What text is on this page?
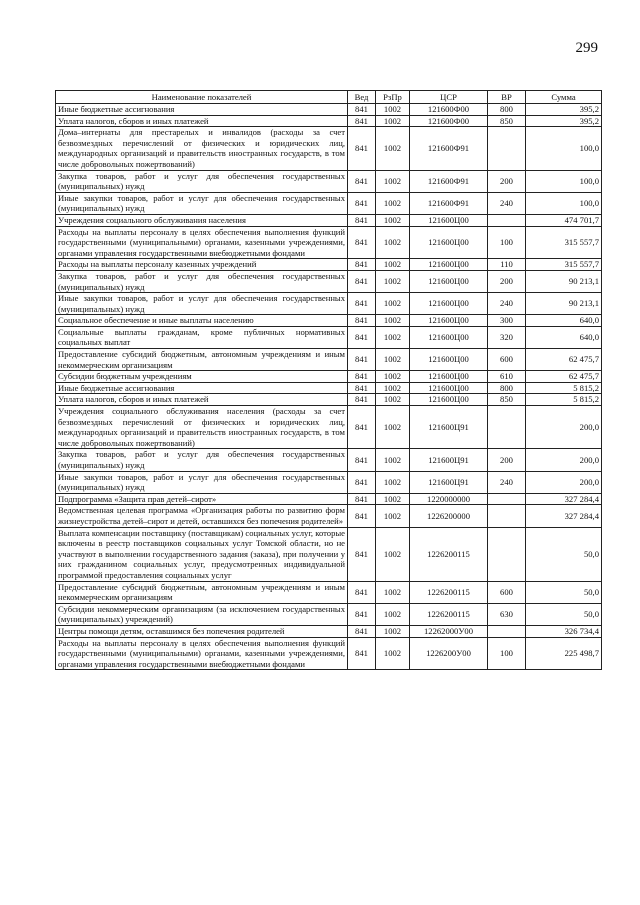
299
Наименование показателей	Вед	РзПр	ЦСР	ВР	Сумма
Иные бюджетные ассигнования	841	1002	121600Ф00	800	395,2
Уплата налогов, сборов и иных платежей	841	1002	121600Ф00	850	395,2
Дома–интернаты для престарелых и инвалидов (расходы за счет безвозмездных перечислений от физических и юридических лиц, международных организаций и правительств иностранных государств, в том числе добровольных пожертвований)	841	1002	121600Ф91		100,0
Закупка товаров, работ и услуг для обеспечения государственных (муниципальных) нужд	841	1002	121600Ф91	200	100,0
Иные закупки товаров, работ и услуг для обеспечения государственных (муниципальных) нужд	841	1002	121600Ф91	240	100,0
Учреждения социального обслуживания населения	841	1002	121600Ц00		474 701,7
Расходы на выплаты персоналу в целях обеспечения выполнения функций государственными (муниципальными) органами, казенными учреждениями, органами управления государственными внебюджетными фондами	841	1002	121600Ц00	100	315 557,7
Расходы на выплаты персоналу казенных учреждений	841	1002	121600Ц00	110	315 557,7
Закупка товаров, работ и услуг для обеспечения государственных (муниципальных) нужд	841	1002	121600Ц00	200	90 213,1
Иные закупки товаров, работ и услуг для обеспечения государственных (муниципальных) нужд	841	1002	121600Ц00	240	90 213,1
Социальное обеспечение и иные выплаты населению	841	1002	121600Ц00	300	640,0
Социальные выплаты гражданам, кроме публичных нормативных социальных выплат	841	1002	121600Ц00	320	640,0
Предоставление субсидий бюджетным, автономным учреждениям и иным некоммерческим организациям	841	1002	121600Ц00	600	62 475,7
Субсидии бюджетным учреждениям	841	1002	121600Ц00	610	62 475,7
Иные бюджетные ассигнования	841	1002	121600Ц00	800	5 815,2
Уплата налогов, сборов и иных платежей	841	1002	121600Ц00	850	5 815,2
Учреждения социального обслуживания населения (расходы за счет безвозмездных перечислений от физических и юридических лиц, международных организаций и правительств иностранных государств, в том числе добровольных пожертвований)	841	1002	121600Ц91		200,0
Закупка товаров, работ и услуг для обеспечения государственных (муниципальных) нужд	841	1002	121600Ц91	200	200,0
Иные закупки товаров, работ и услуг для обеспечения государственных (муниципальных) нужд	841	1002	121600Ц91	240	200,0
Подпрограмма «Защита прав детей–сирот»	841	1002	1220000000		327 284,4
Ведомственная целевая программа «Организация работы по развитию форм жизнеустройства детей–сирот и детей, оставшихся без попечения родителей»	841	1002	1226200000		327 284,4
Выплата компенсации поставщику (поставщикам) социальных услуг, которые включены в реестр поставщиков социальных услуг Томской области, но не участвуют в выполнении государственного задания (заказа), при получении у них гражданином социальных услуг, предусмотренных индивидуальной программой предоставления социальных услуг	841	1002	1226200115		50,0
Предоставление субсидий бюджетным, автономным учреждениям и иным некоммерческим организациям	841	1002	1226200115	600	50,0
Субсидии некоммерческим организациям (за исключением государственных (муниципальных) учреждений)	841	1002	1226200115	630	50,0
Центры помощи детям, оставшимся без попечения родителей	841	1002	12262000У00		326 734,4
Расходы на выплаты персоналу в целях обеспечения выполнения функций государственными (муниципальными) органами, казенными учреждениями, органами управления государственными внебюджетными фондами	841	1002	1226200У00	100	225 498,7
